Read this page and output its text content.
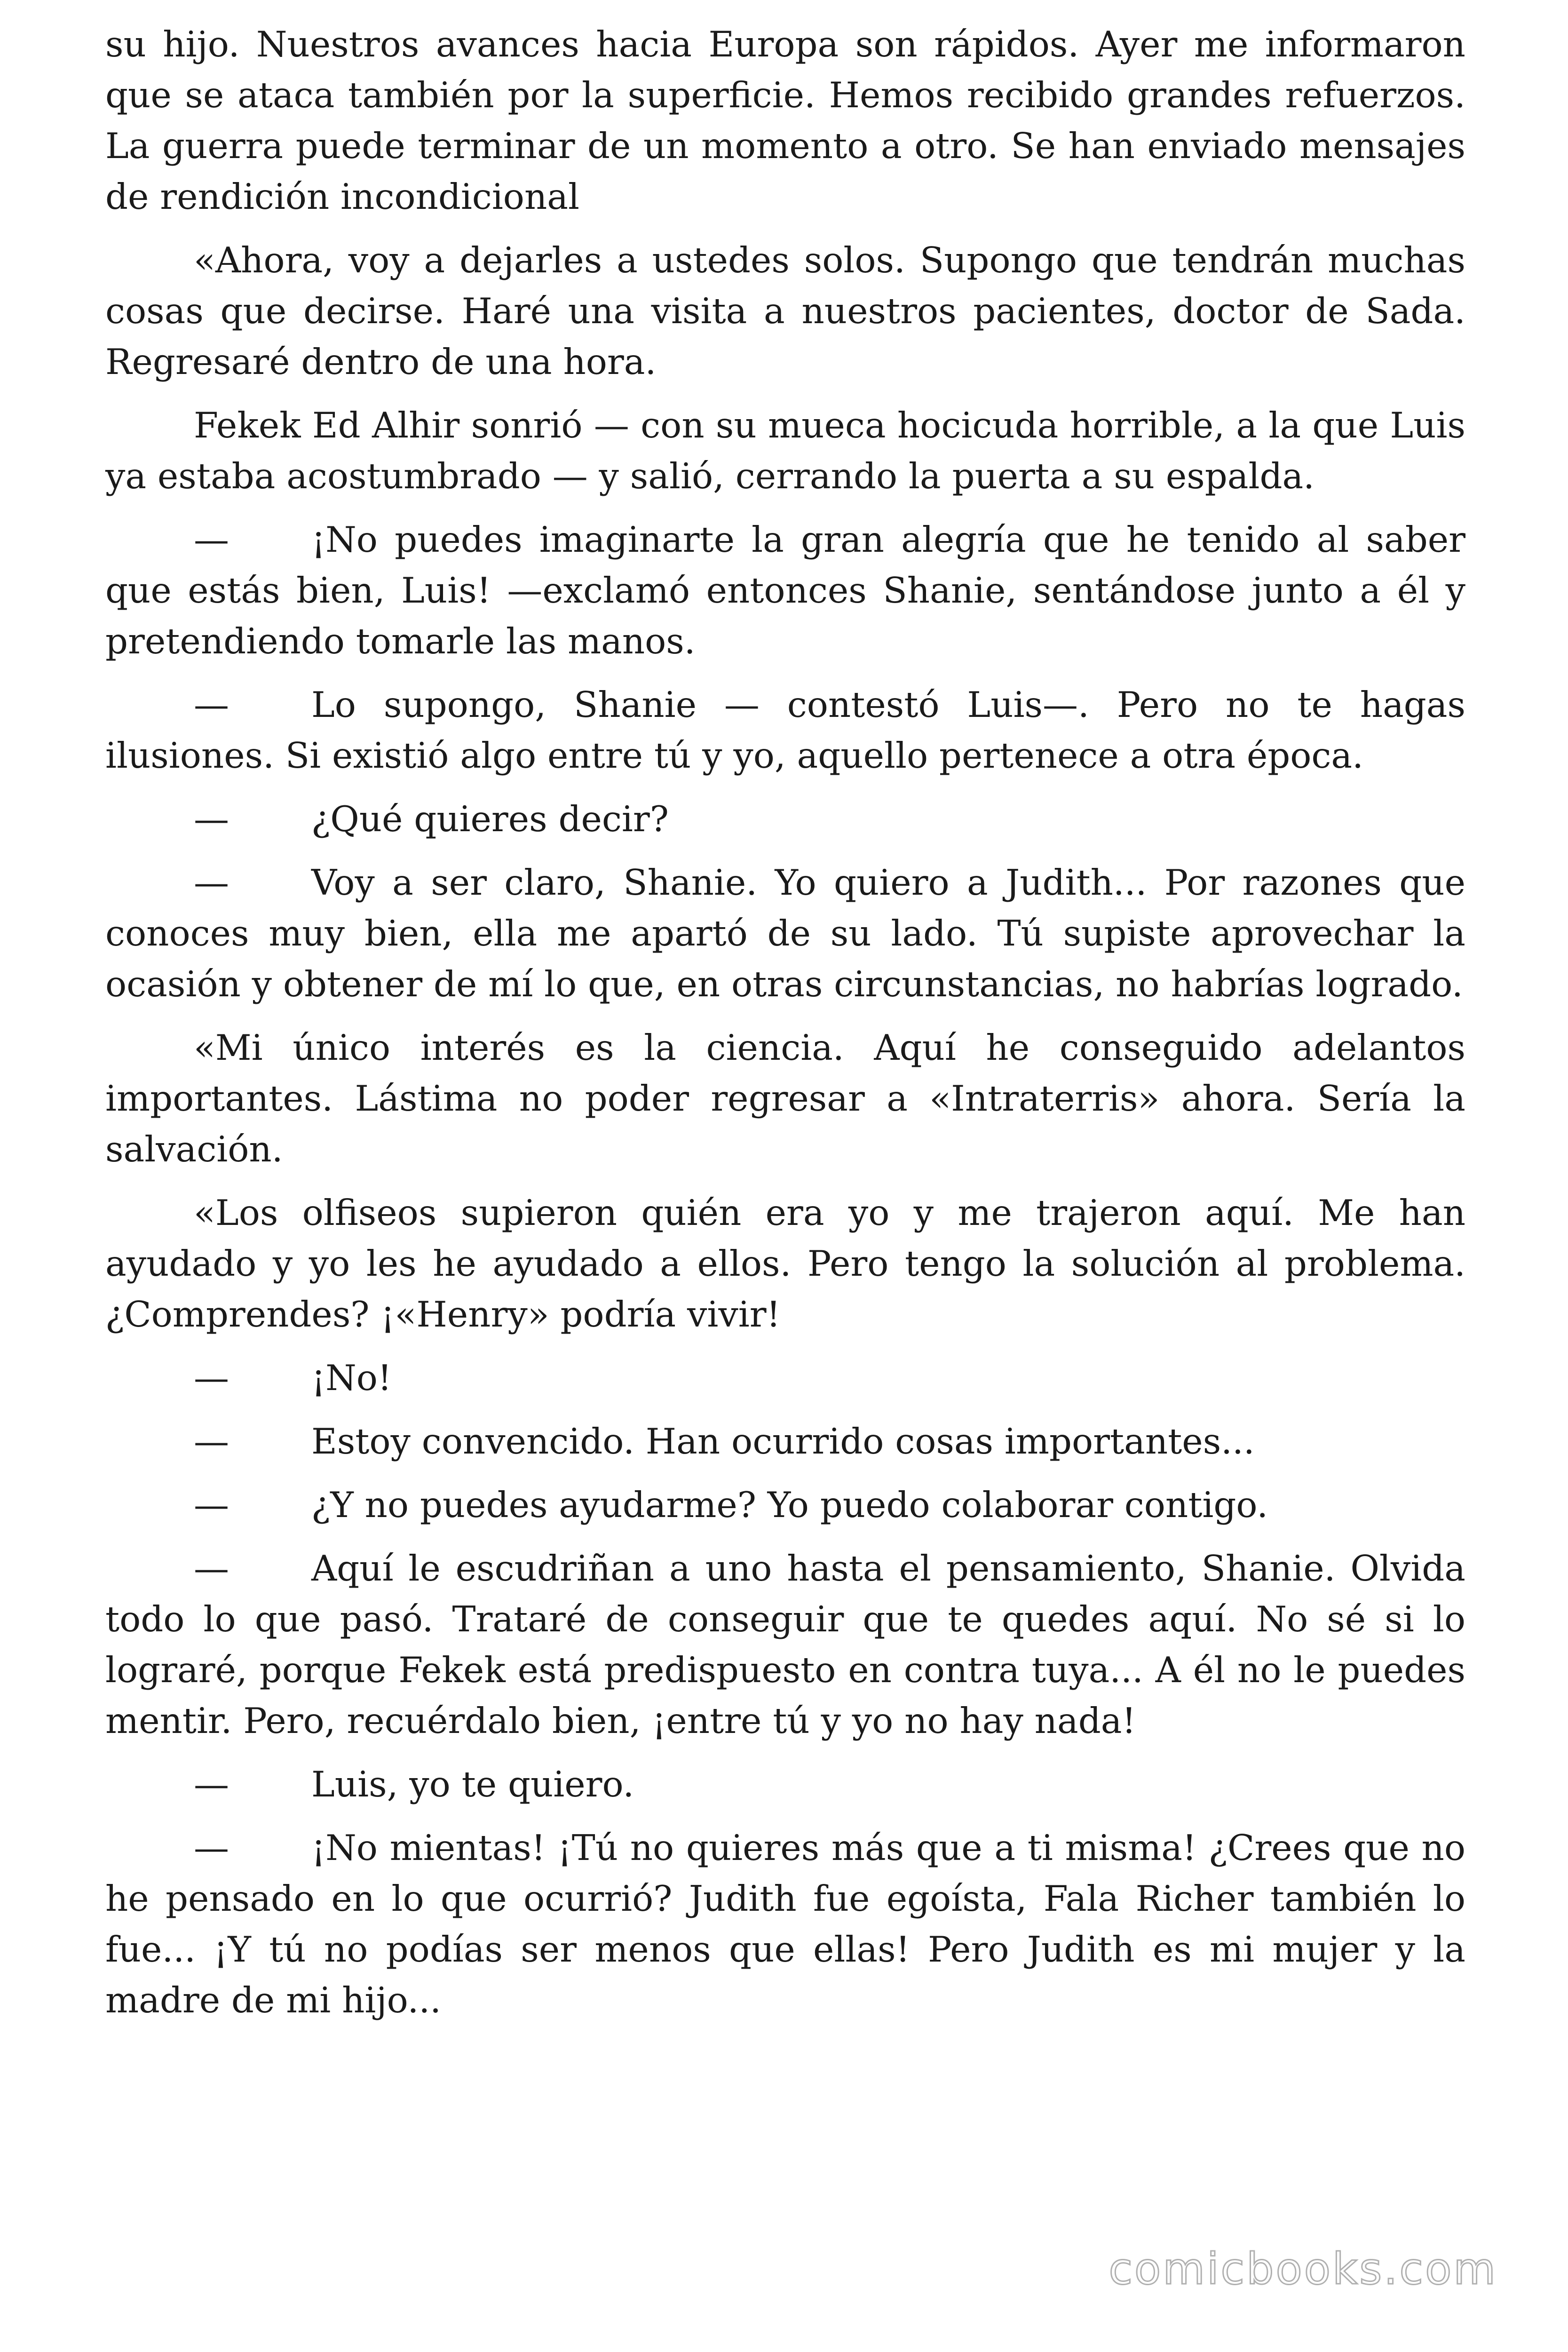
su hijo. Nuestros avances hacia Europa son rápidos. Ayer me informaron que se ataca también por la superficie. Hemos recibido grandes refuerzos. La guerra puede terminar de un momento a otro. Se han enviado mensajes de rendición incondicional

«Ahora, voy a dejarles a ustedes solos. Supongo que tendrán muchas cosas que decirse. Haré una visita a nuestros pacientes, doctor de Sada. Regresaré dentro de una hora.

Fekek Ed Alhir sonrió — con su mueca hocicuda horrible, a la que Luis ya estaba acostumbrado — y salió, cerrando la puerta a su espalda.

— ¡No puedes imaginarte la gran alegría que he tenido al saber que estás bien, Luis! —exclamó entonces Shanie, sentándose junto a él y pretendiendo tomarle las manos.

— Lo supongo, Shanie — contestó Luis—. Pero no te hagas ilusiones. Si existió algo entre tú y yo, aquello pertenece a otra época.

— ¿Qué quieres decir?

— Voy a ser claro, Shanie. Yo quiero a Judith... Por razones que conoces muy bien, ella me apartó de su lado. Tú supiste aprovechar la ocasión y obtener de mí lo que, en otras circunstancias, no habrías logrado.

«Mi único interés es la ciencia. Aquí he conseguido adelantos importantes. Lástima no poder regresar a «Intraterris» ahora. Sería la salvación.

«Los olfiseos supieron quién era yo y me trajeron aquí. Me han ayudado y yo les he ayudado a ellos. Pero tengo la solución al problema. ¿Comprendes? ¡«Henry» podría vivir!

— ¡No!

— Estoy convencido. Han ocurrido cosas importantes...

— ¿Y no puedes ayudarme? Yo puedo colaborar contigo.

— Aquí le escudriñan a uno hasta el pensamiento, Shanie. Olvida todo lo que pasó. Trataré de conseguir que te quedes aquí. No sé si lo lograré, porque Fekek está predispuesto en contra tuya... A él no le puedes mentir. Pero, recuérdalo bien, ¡entre tú y yo no hay nada!

— Luis, yo te quiero.

— ¡No mientas! ¡Tú no quieres más que a ti misma! ¿Crees que no he pensado en lo que ocurrió? Judith fue egoísta, Fala Richer también lo fue... ¡Y tú no podías ser menos que ellas! Pero Judith es mi mujer y la madre de mi hijo...

comicbooks.com
